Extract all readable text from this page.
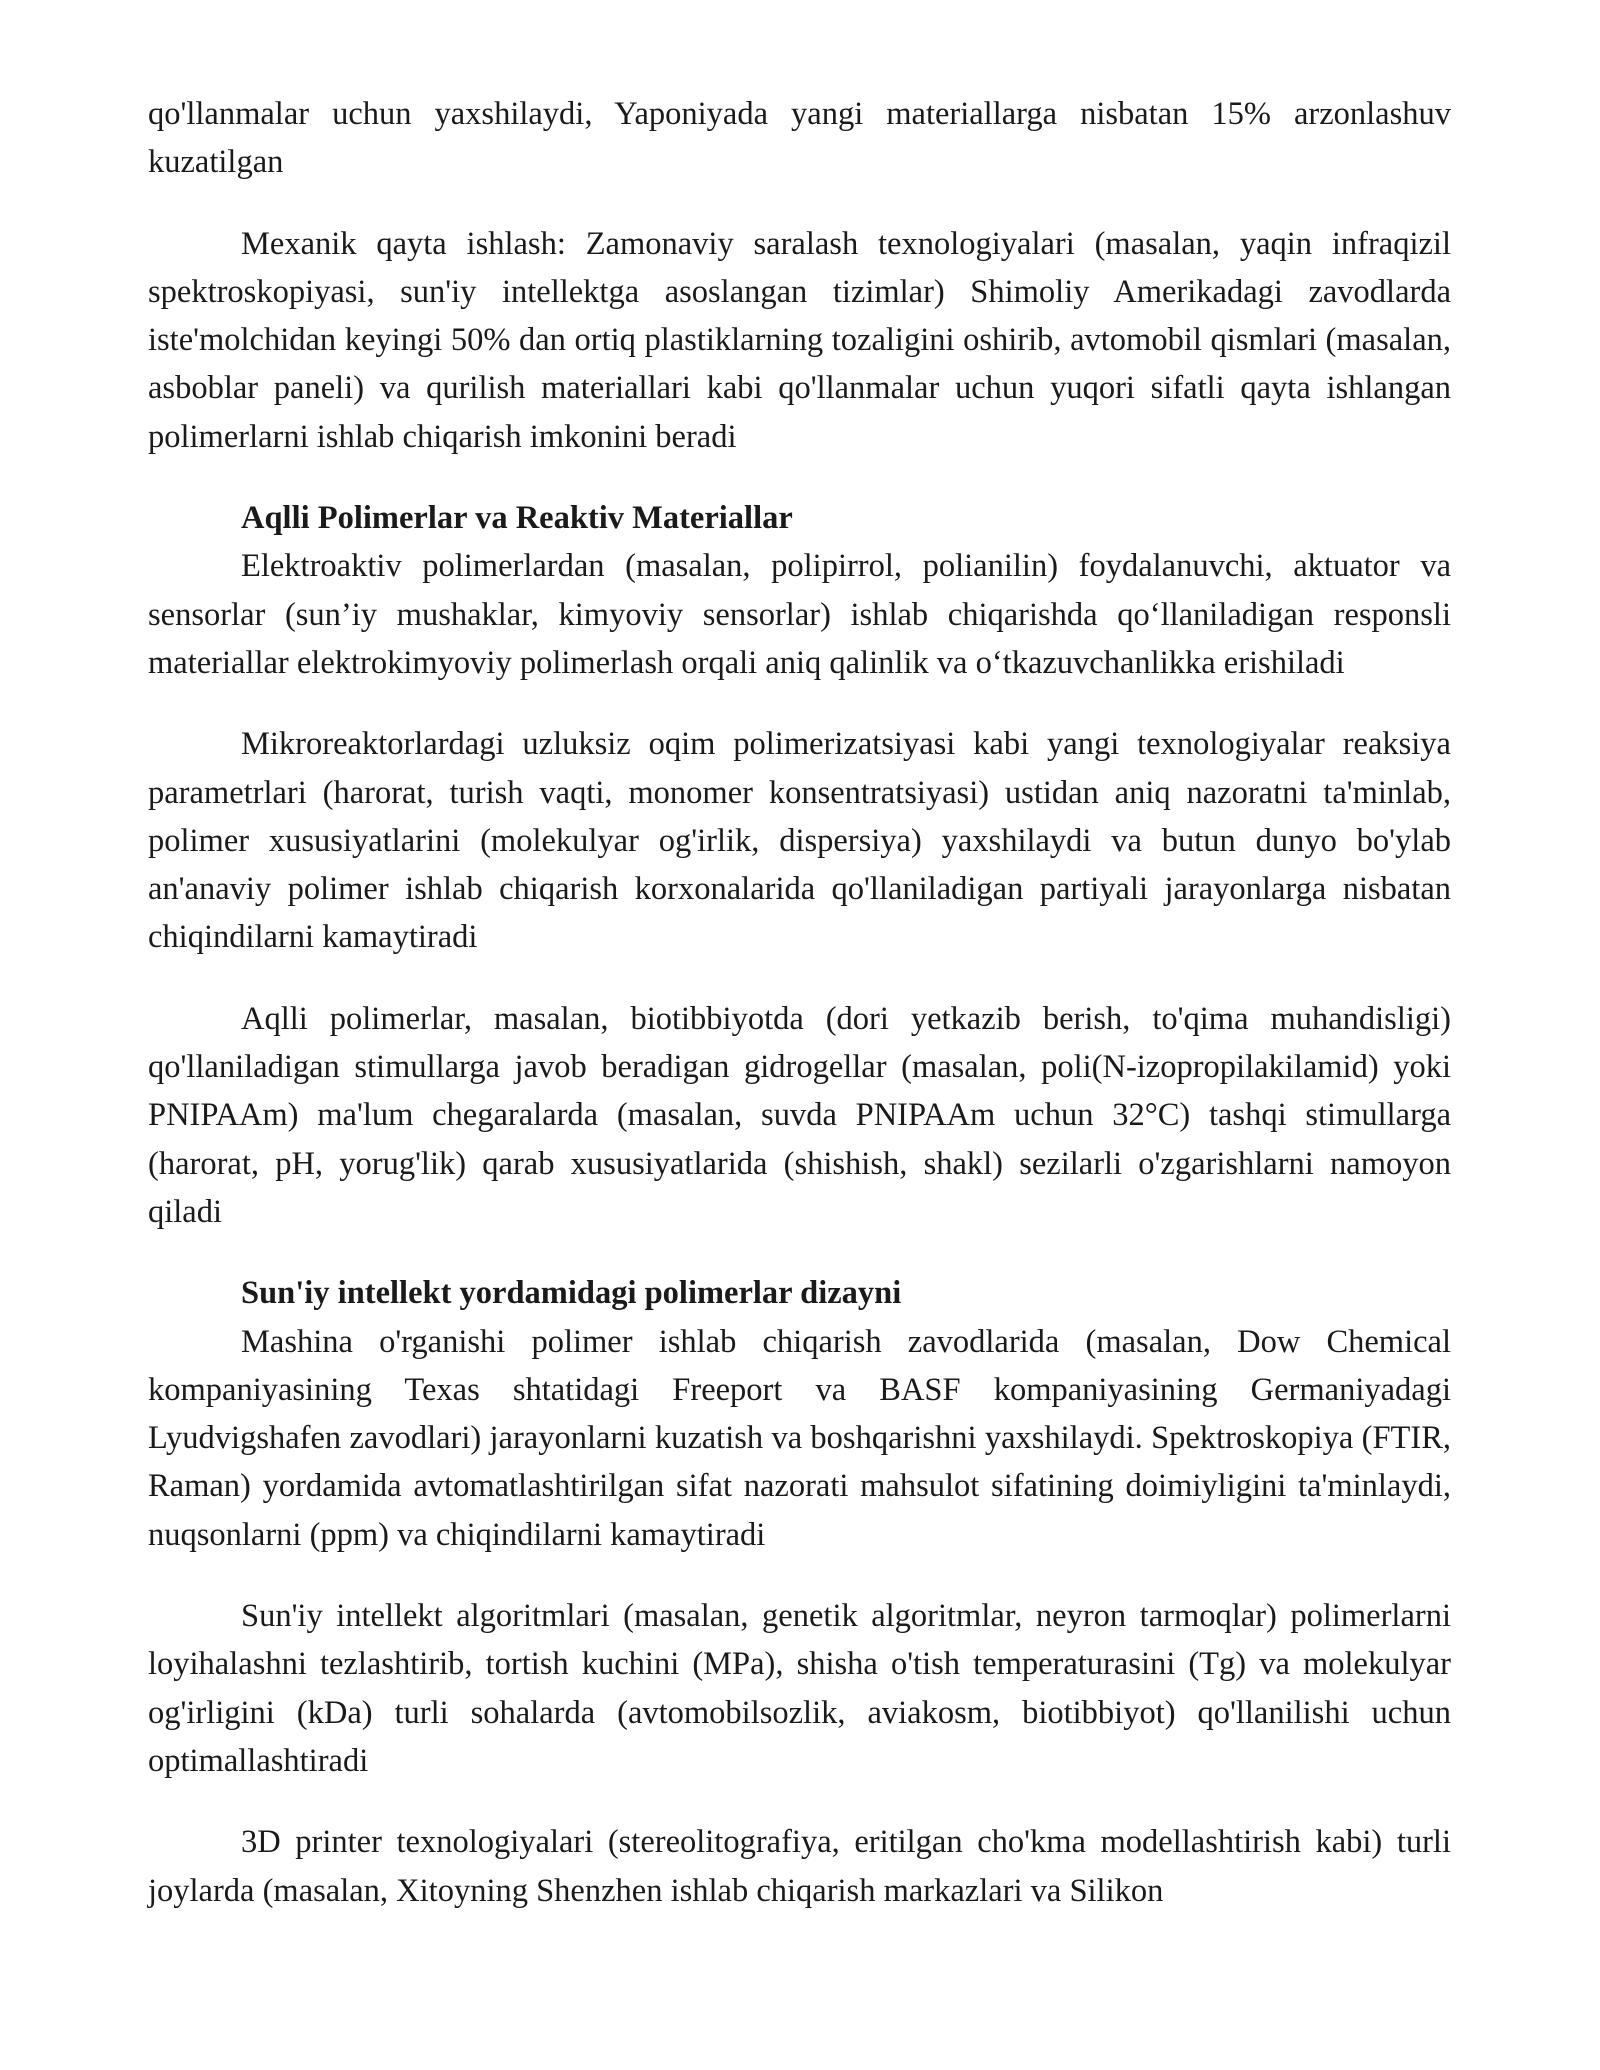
qo'llanmalar uchun yaxshilaydi, Yaponiyada yangi materiallarga nisbatan 15% arzonlashuv kuzatilgan

Mexanik qayta ishlash: Zamonaviy saralash texnologiyalari (masalan, yaqin infraqizil spektroskopiyasi, sun'iy intellektga asoslangan tizimlar) Shimoliy Amerikadagi zavodlarda iste'molchidan keyingi 50% dan ortiq plastiklarning tozaligini oshirib, avtomobil qismlari (masalan, asboblar paneli) va qurilish materiallari kabi qo'llanmalar uchun yuqori sifatli qayta ishlangan polimerlarni ishlab chiqarish imkonini beradi

Aqlli Polimerlar va Reaktiv Materiallar

Elektroaktiv polimerlardan (masalan, polipirrol, polianilin) foydalanuvchi, aktuator va sensorlar (sun’iy mushaklar, kimyoviy sensorlar) ishlab chiqarishda qo‘llaniladigan responsli materiallar elektrokimyoviy polimerlash orqali aniq qalinlik va o‘tkazuvchanlikka erishiladi

Mikroreaktorlardagi uzluksiz oqim polimerizatsiyasi kabi yangi texnologiyalar reaksiya parametrlari (harorat, turish vaqti, monomer konsentratsiyasi) ustidan aniq nazoratni ta'minlab, polimer xususiyatlarini (molekulyar og'irlik, dispersiya) yaxshilaydi va butun dunyo bo'ylab an'anaviy polimer ishlab chiqarish korxonalarida qo'llaniladigan partiyali jarayonlarga nisbatan chiqindilarni kamaytiradi

Aqlli polimerlar, masalan, biotibbiyotda (dori yetkazib berish, to'qima muhandisligi) qo'llaniladigan stimullarga javob beradigan gidrogellar (masalan, poli(N-izopropilakilamid) yoki PNIPAAm) ma'lum chegaralarda (masalan, suvda PNIPAAm uchun 32°C) tashqi stimullarga (harorat, pH, yorug'lik) qarab xususiyatlarida (shishish, shakl) sezilarli o'zgarishlarni namoyon qiladi

Sun'iy intellekt yordamidagi polimerlar dizayni

Mashina o'rganishi polimer ishlab chiqarish zavodlarida (masalan, Dow Chemical kompaniyasining Texas shtatidagi Freeport va BASF kompaniyasining Germaniyadagi Lyudvigshafen zavodlari) jarayonlarni kuzatish va boshqarishni yaxshilaydi. Spektroskopiya (FTIR, Raman) yordamida avtomatlashtirilgan sifat nazorati mahsulot sifatining doimiyligini ta'minlaydi, nuqsonlarni (ppm) va chiqindilarni kamaytiradi

Sun'iy intellekt algoritmlari (masalan, genetik algoritmlar, neyron tarmoqlar) polimerlarni loyihalashni tezlashtirib, tortish kuchini (MPa), shisha o'tish temperaturasini (Tg) va molekulyar og'irligini (kDa) turli sohalarda (avtomobilsozlik, aviakosm, biotibbiyot) qo'llanilishi uchun optimallashtiradi

3D printer texnologiyalari (stereolitografiya, eritilgan cho'kma modellashtirish kabi) turli joylarda (masalan, Xitoyning Shenzhen ishlab chiqarish markazlari va Silikon
